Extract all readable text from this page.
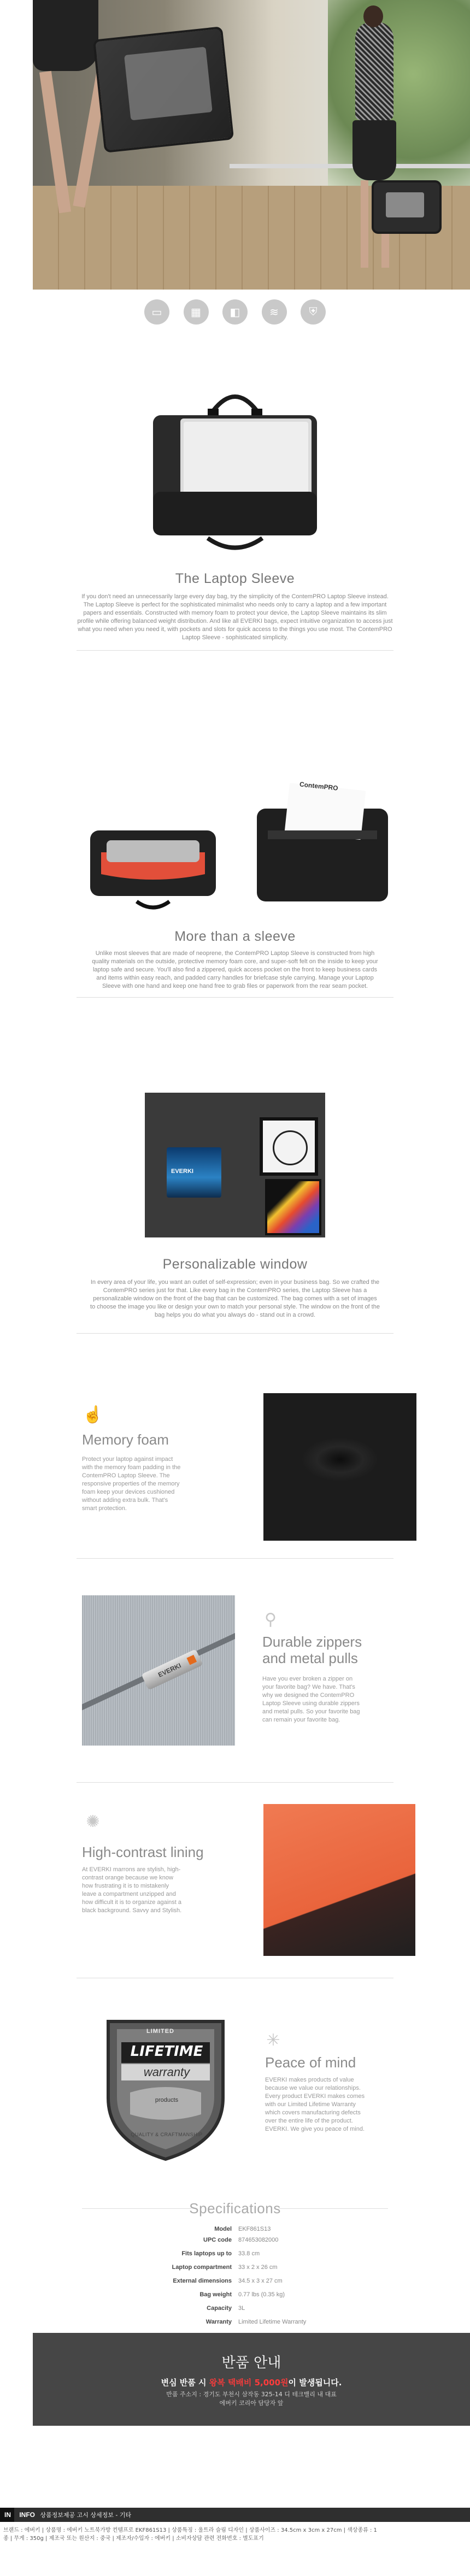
▭	▦	◧	≋	⛨
The Laptop Sleeve
If you don't need an unnecessarily large every day bag, try the simplicity of the ContemPRO Laptop Sleeve instead. The Laptop Sleeve is perfect for the sophisticated minimalist who needs only to carry a laptop and a few important papers and essentials. Constructed with memory foam to protect your device, the Laptop Sleeve maintains its slim profile while offering balanced weight distribution. And like all EVERKI bags, expect intuitive organization to access just what you need when you need it, with pockets and slots for quick access to the things you use most. The ContemPRO Laptop Sleeve - sophisticated simplicity.
ContemPRO
More than a sleeve
Unlike most sleeves that are made of neoprene, the ContemPRO Laptop Sleeve is constructed from high quality materials on the outside, protective memory foam core, and super-soft felt on the inside to keep your laptop safe and secure. You'll also find a zippered, quick access pocket on the front to keep business cards and items within easy reach, and padded carry handles for briefcase style carrying. Manage your Laptop Sleeve with one hand and keep one hand free to grab files or paperwork from the rear seam pocket.
EVERKI
Personalizable window
In every area of your life, you want an outlet of self-expression; even in your business bag. So we crafted the ContemPRO series just for that. Like every bag in the ContemPRO series, the Laptop Sleeve has a personalizable window on the front of the bag that can be customized. The bag comes with a set of images to choose the image you like or design your own to match your personal style. The window on the front of the bag helps you do what you always do - stand out in a crowd.
☝
Memory foam
Protect your laptop against impact with the memory foam padding in the ContemPRO Laptop Sleeve. The responsive properties of the memory foam keep your devices cushioned without adding extra bulk. That's smart protection.
EVERKI
⚲
Durable zippers
and metal pulls
Have you ever broken a zipper on your favorite bag? We have. That's why we designed the ContemPRO Laptop Sleeve using durable zippers and metal pulls. So your favorite bag can remain your favorite bag.
✺
High-contrast lining
At EVERKI marrons are stylish, high-contrast orange because we know how frustrating it is to mistakenly leave a compartment unzipped and how difficult it is to organize against a black background. Savvy and Stylish.
LIMITED
LIFETIME
warranty
products
QUALITY & CRAFTMANSHIP
✳
Peace of mind
EVERKI makes products of value because we value our relationships. Every product EVERKI makes comes with our Limited Lifetime Warranty which covers manufacturing defects over the entire life of the product. EVERKI. We give you peace of mind.
Specifications
Model EKF861S13
UPC code 874653082000
Fits laptops up to 33.8 cm
Laptop compartment 33 x 2 x 26 cm
External dimensions 34.5 x 3 x 27 cm
Bag weight 0.77 lbs (0.35 kg)
Capacity 3L
Warranty Limited Lifetime Warranty
반품 안내
변심 반품 시 왕복 택배비 5,000원이 발생됩니다.
반품 주소지 : 경기도 부천시 삼작동 325-14 디 테크밸리 내 대표
에버키 코리아 담당자 앞
IN INFO 상품정보제공 고시 상세정보 - 기타
브랜드 : 에버키 | 상품명 : 에버키 노트북가방 컨템프로 EKF861S13 | 상품특징 : 울트라 슬림 디자인 | 상품사이즈 : 34.5cm x 3cm x 27cm | 색상종류 : 1
종 | 무게 : 350g | 제조국 또는 원산지 : 중국 | 제조자/수입자 : 에버키 | 소비자상담 관련 전화번호 : 별도표기
